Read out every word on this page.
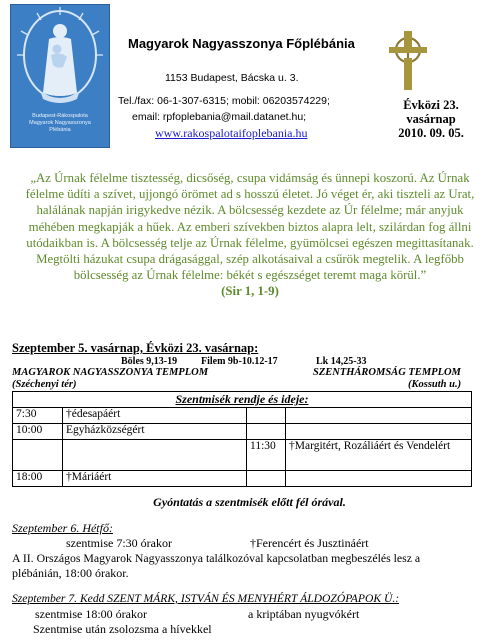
Budapest-Rákospalota
Magyarok Nagyasszonya
Plébánia
Magyarok Nagyasszonya Főplébánia
1153 Budapest, Bácska u. 3.
Tel./fax: 06-1-307-6315; mobil: 06203574229;
email: rpfoplebania@mail.datanet.hu;
www.rakospalotaifoplebania.hu
Évközi 23.
vasárnap
2010. 09. 05.
„Az Úrnak félelme tisztesség, dicsőség, csupa vidámság és ünnepi koszorú. Az Úrnak félelme üdíti a szívet, ujjongó örömet ad s hosszú életet. Jó véget ér, aki tiszteli az Urat, halálának napján irigykedve nézik. A bölcsesség kezdete az Úr félelme; már anyjuk méhében megkapják a hűek. Az emberi szívekben biztos alapra lelt, szilárdan fog állni utódaikban is. A bölcsesség telje az Úrnak félelme, gyümölcsei egészen megittasítanak. Megtölti házukat csupa drágasággal, szép alkotásaival a csűrök megtelik. A legfőbb bölcsesség az Úrnak félelme: békét s egészséget teremt maga körül.”
(Sir 1, 1-9)
Szeptember 5. vasárnap, Évközi 23. vasárnap:
Böles 9,13-19 Filem 9b-10.12-17	Lk 14,25-33
MAGYAROK NAGYASSZONYA TEMPLOM
(Széchenyi tér)
SZENTHÁROMSÁG TEMPLOM
(Kossuth u.)
Szentmisék rendje és ideje:			
7:30	†édesapáért		
10:00	Egyházközségért		
		11:30	†Margitért, Rozáliáért és Vendelért
18:00	†Máriáért		
Gyóntatás a szentmisék előtt fél órával.
Szeptember 6. Hétfő:
szentmise 7:30 órakor	†Ferencért és Jusztináért
A II. Országos Magyarok Nagyasszonya találkozóval kapcsolatban megbeszélés lesz a
plébánián, 18:00 órakor.
Szeptember 7. Kedd SZENT MÁRK, ISTVÁN ÉS MENYHÉRT ÁLDOZÓPAPOK Ü.:
szentmise 18:00 órakor	a kriptában nyugvókért
Szentmise után zsolozsma a hívekkel
